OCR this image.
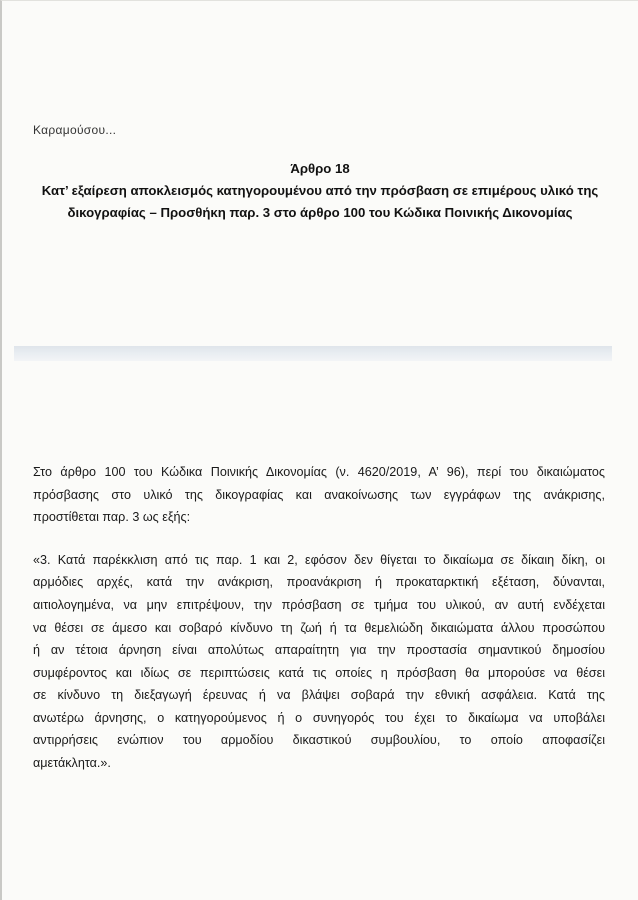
Καραμούσου...
Άρθρο 18
Κατ’ εξαίρεση αποκλεισμός κατηγορουμένου από την πρόσβαση σε επιμέρους υλικό της
δικογραφίας – Προσθήκη παρ. 3 στο άρθρο 100 του Κώδικα Ποινικής Δικονομίας
Στο άρθρο 100 του Κώδικα Ποινικής Δικονομίας (ν. 4620/2019, Α’ 96), περί του δικαιώματος
πρόσβασης στο υλικό της δικογραφίας και ανακοίνωσης των εγγράφων της ανάκρισης,
προστίθεται παρ. 3 ως εξής:
«3. Κατά παρέκκλιση από τις παρ. 1 και 2, εφόσον δεν θίγεται το δικαίωμα σε δίκαιη δίκη, οι
αρμόδιες αρχές, κατά την ανάκριση, προανάκριση ή προκαταρκτική εξέταση, δύνανται,
αιτιολογημένα, να μην επιτρέψουν, την πρόσβαση σε τμήμα του υλικού, αν αυτή ενδέχεται
να θέσει σε άμεσο και σοβαρό κίνδυνο τη ζωή ή τα θεμελιώδη δικαιώματα άλλου προσώπου
ή αν τέτοια άρνηση είναι απολύτως απαραίτητη για την προστασία σημαντικού δημοσίου
συμφέροντος και ιδίως σε περιπτώσεις κατά τις οποίες η πρόσβαση θα μπορούσε να θέσει
σε κίνδυνο τη διεξαγωγή έρευνας ή να βλάψει σοβαρά την εθνική ασφάλεια. Κατά της
ανωτέρω άρνησης, ο κατηγορούμενος ή ο συνηγορός του έχει το δικαίωμα να υποβάλει
αντιρρήσεις ενώπιον του αρμοδίου δικαστικού συμβουλίου, το οποίο αποφασίζει
αμετάκλητα.».
